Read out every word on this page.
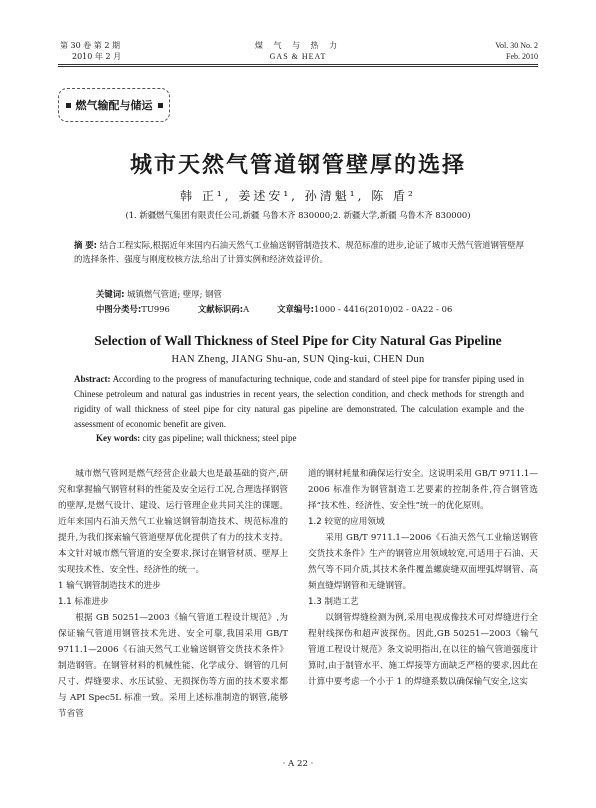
第 30 卷 第 2 期
2010 年 2 月
煤 气 与 热 力
GAS & HEAT
Vol. 30 No. 2
Feb. 2010
燃气输配与储运
城市天然气管道钢管壁厚的选择
韩 正¹, 姜述安¹, 孙清魁¹, 陈 盾²
(1. 新疆燃气集团有限责任公司,新疆 乌鲁木齐 830000;2. 新疆大学,新疆 乌鲁木齐 830000)
摘 要: 结合工程实际,根据近年来国内石油天然气工业输送钢管制造技术、规范标准的进步,论证了城市天然气管道钢管壁厚的选择条件、强度与刚度校核方法,给出了计算实例和经济效益评价。
关键词: 城镇燃气管道; 壁厚; 钢管
中图分类号:TU996	文献标识码:A	文章编号:1000 - 4416(2010)02 - 0A22 - 06
Selection of Wall Thickness of Steel Pipe for City Natural Gas Pipeline
HAN Zheng, JIANG Shu-an, SUN Qing-kui, CHEN Dun
Abstract: According to the progress of manufacturing technique, code and standard of steel pipe for transfer piping used in Chinese petroleum and natural gas industries in recent years, the selection condition, and check methods for strength and rigidity of wall thickness of steel pipe for city natural gas pipeline are demonstrated. The calculation example and the assessment of economic benefit are given.
Key words: city gas pipeline; wall thickness; steel pipe

城市燃气管网是燃气经营企业最大也是最基础的资产,研究和掌握输气钢管材料的性能及安全运行工况,合理选择钢管的壁厚,是燃气设计、建设、运行管理企业共同关注的课题。近年来国内石油天然气工业输送钢管制造技术、规范标准的提升,为我们探索输气管道壁厚优化提供了有力的技术支持。本文针对城市燃气管道的安全要求,探讨在钢管材质、壁厚上实现技术性、安全性、经济性的统一。

1 输气钢管制造技术的进步
1.1 标准进步

根据 GB 50251—2003《输气管道工程设计规范》,为保证输气管道用钢管技术先进、安全可靠,我国采用 GB/T 9711.1—2006《石油天然气工业输送钢管交货技术条件》制造钢管。在钢管材料的机械性能、化学成分、钢管的几何尺寸、焊缝要求、水压试验、无损探伤等方面的技术要求都与 API Spec5L 标准一致。采用上述标准制造的钢管,能够节省管

道的钢材耗量和确保运行安全。这说明采用 GB/T 9711.1—2006 标准作为钢管制造工艺要素的控制条件,符合钢管选择“技术性、经济性、安全性”统一的优化原则。

1.2 较宽的应用领域

采用 GB/T 9711.1—2006《石油天然气工业输送钢管交货技术条件》生产的钢管应用领域较宽,可适用于石油、天然气等不同介质,其技术条件覆盖螺旋缝双面埋弧焊钢管、高频直缝焊钢管和无缝钢管。

1.3 制造工艺

以钢管焊缝检测为例,采用电视成像技术可对焊缝进行全程射线探伤和超声波探伤。因此,GB 50251—2003《输气管道工程设计规范》条文说明指出,在以往的输气管道强度计算时,由于制管水平、施工焊接等方面缺乏严格的要求,因此在计算中要考虑一个小于 1 的焊缝系数以确保输气安全,这实

· A 22 ·
